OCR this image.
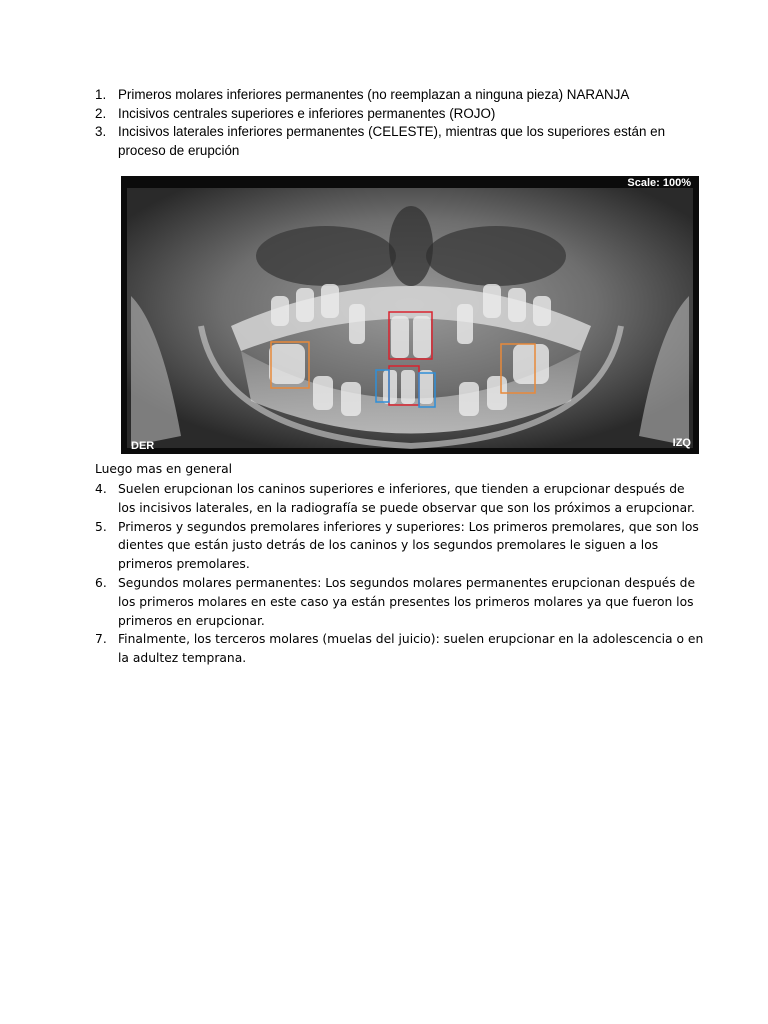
1. Primeros molares inferiores permanentes (no reemplazan a ninguna pieza) NARANJA
2. Incisivos centrales superiores e inferiores permanentes (ROJO)
3. Incisivos laterales inferiores permanentes (CELESTE), mientras que los superiores están en proceso de erupción
Scale: 100%
DER	IZQ
Luego mas en general
4. Suelen erupcionan los caninos superiores e inferiores, que tienden a erupcionar después de los incisivos laterales, en la radiografía se puede observar que son los próximos a erupcionar.
5. Primeros y segundos premolares inferiores y superiores: Los primeros premolares, que son los dientes que están justo detrás de los caninos y los segundos premolares le siguen a los primeros premolares.
6. Segundos molares permanentes: Los segundos molares permanentes erupcionan después de los primeros molares en este caso ya están presentes los primeros molares ya que fueron los primeros en erupcionar.
7. Finalmente, los terceros molares (muelas del juicio): suelen erupcionar en la adolescencia o en la adultez temprana.
